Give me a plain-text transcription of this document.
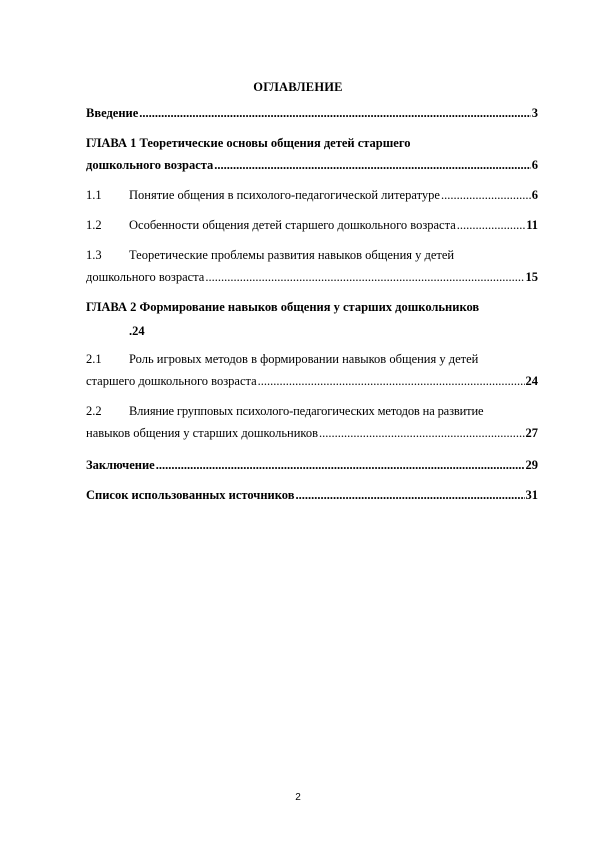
ОГЛАВЛЕНИЕ
Введение .....	3
ГЛАВА 1 Теоретические основы общения детей старшего
дошкольного возраста .....	6
1.1	Понятие общения в психолого-педагогической литературе .....	6
1.2	Особенности общения детей старшего дошкольного возраста .....	11
1.3	Теоретические проблемы развития навыков общения у детей
дошкольного возраста .....	15
ГЛАВА 2 Формирование навыков общения у старших дошкольников
.24
2.1	Роль игровых методов в формировании навыков общения у детей
старшего дошкольного возраста .....	24
2.2	Влияние групповых психолого-педагогических методов на развитие
навыков общения у старших дошкольников .....	27
Заключение .....	29
Список использованных источников .....	31
2
